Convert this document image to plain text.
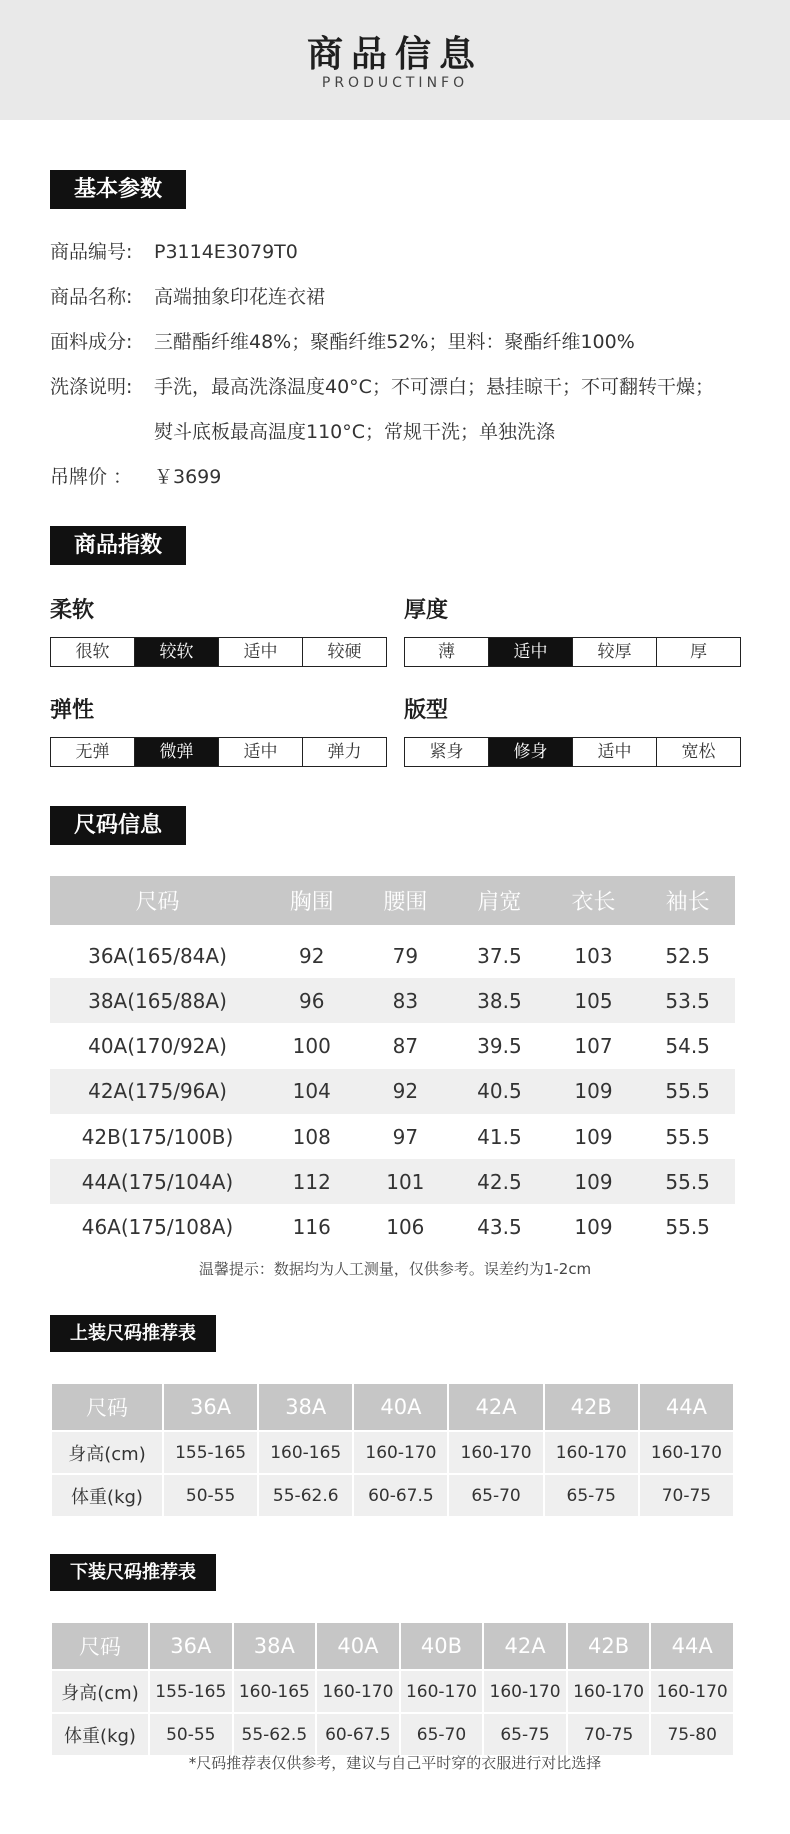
商品信息
PRODUCTINFO
基本参数
商品编号: P3114E3079T0
商品名称: 高端抽象印花连衣裙
面料成分: 三醋酯纤维48%；聚酯纤维52%；里料：聚酯纤维100%
洗涤说明: 手洗，最高洗涤温度40°C；不可漂白；悬挂晾干；不可翻转干燥；
熨斗底板最高温度110°C；常规干洗；单独洗涤
吊牌价 ： ￥3699
商品指数
柔软
很软	较软	适中	较硬
厚度
薄	适中	较厚	厚
弹性
无弹	微弹	适中	弹力
版型
紧身	修身	适中	宽松
尺码信息
尺码	胸围	腰围	肩宽	衣长	袖长
36A(165/84A)	92	79	37.5	103	52.5
38A(165/88A)	96	83	38.5	105	53.5
40A(170/92A)	100	87	39.5	107	54.5
42A(175/96A)	104	92	40.5	109	55.5
42B(175/100B)	108	97	41.5	109	55.5
44A(175/104A)	112	101	42.5	109	55.5
46A(175/108A)	116	106	43.5	109	55.5
温馨提示：数据均为人工测量，仅供参考。误差约为1-2cm
上装尺码推荐表
尺码	36A	38A	40A	42A	42B	44A
身高(cm)	155-165	160-165	160-170	160-170	160-170	160-170
体重(kg)	50-55	55-62.6	60-67.5	65-70	65-75	70-75
下装尺码推荐表
尺码	36A	38A	40A	40B	42A	42B	44A
身高(cm)	155-165	160-165	160-170	160-170	160-170	160-170	160-170
体重(kg)	50-55	55-62.5	60-67.5	65-70	65-75	70-75	75-80
*尺码推荐表仅供参考，建议与自己平时穿的衣服进行对比选择
